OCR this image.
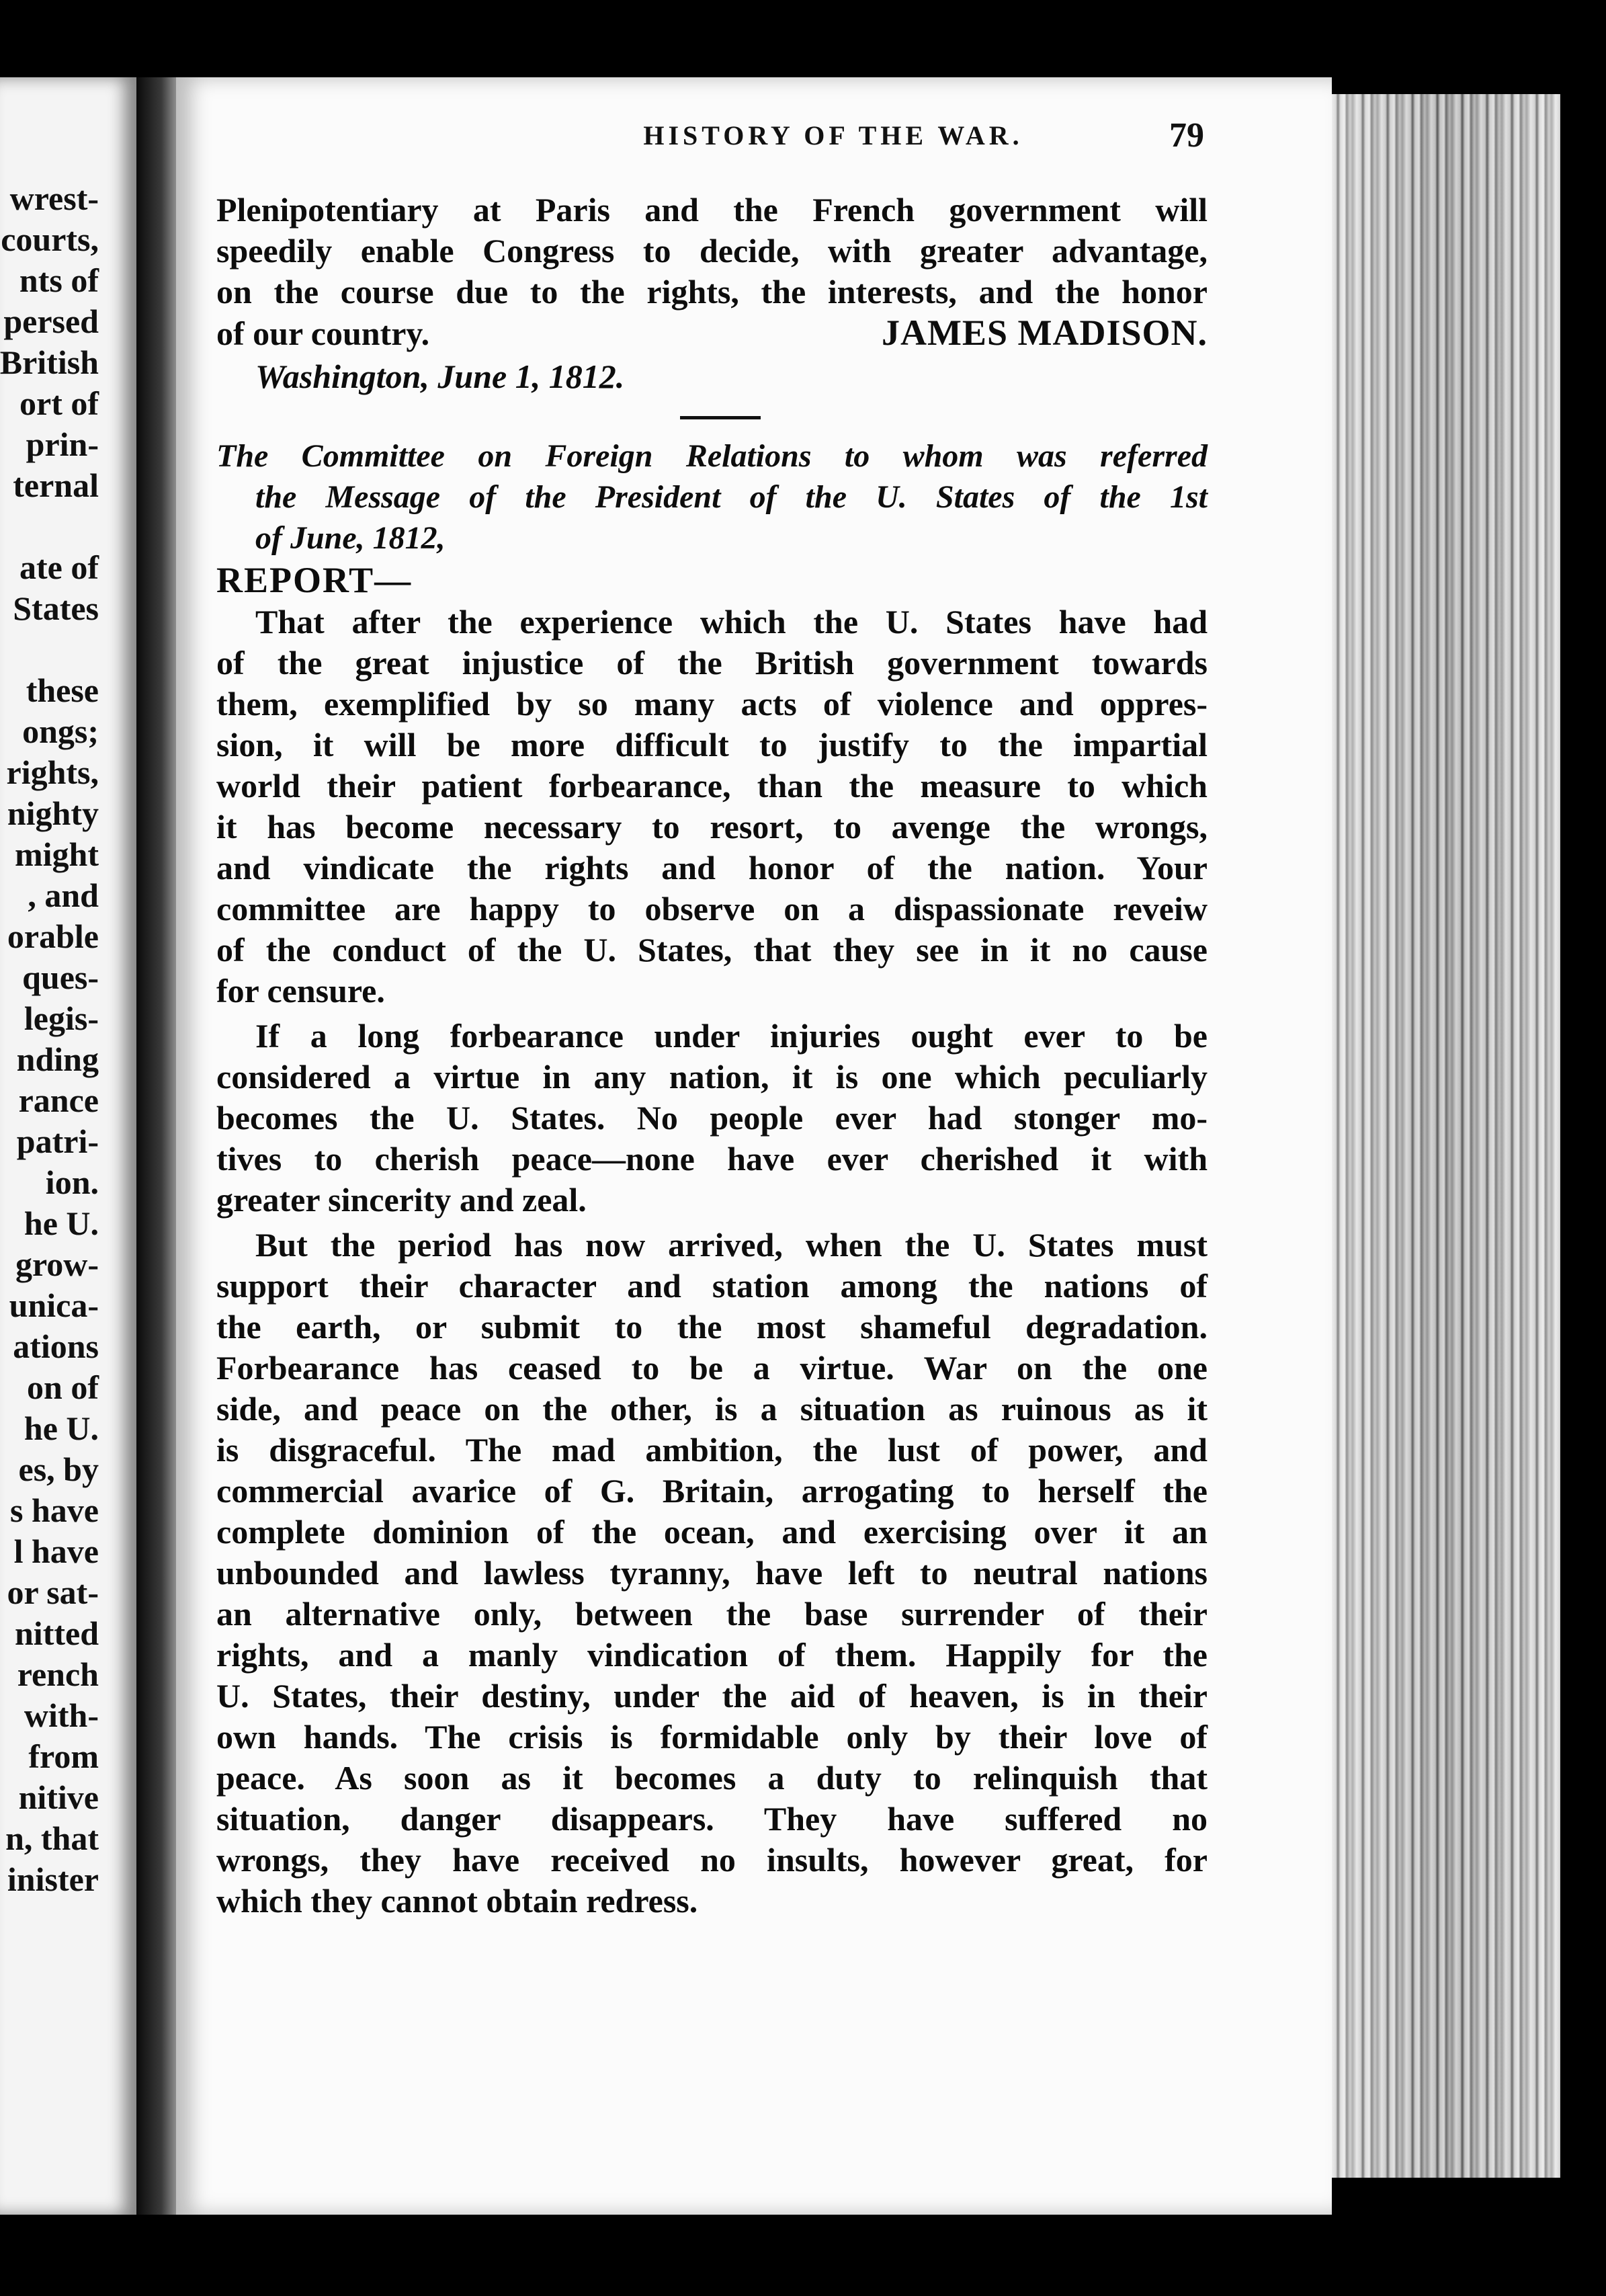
wrest-
courts,
nts of
persed
British
ort of
prin-
ternal
ate of
States
these
ongs;
rights,
nighty
might
, and
orable
ques-
legis-
nding
rance
patri-
ion.
he U.
grow-
unica-
ations
on of
he U.
es, by
s have
l have
or sat-
nitted
rench
with-
from
nitive
n, that
inister
HISTORY OF THE WAR.	79
Plenipotentiary at Paris and the French government will
speedily enable Congress to decide, with greater advantage,
on the course due to the rights, the interests, and the honor
of our country.	JAMES MADISON.
Washington, June 1, 1812.
The Committee on Foreign Relations to whom was referred
the Message of the President of the U. States of the 1st
of June, 1812,
REPORT—
That after the experience which the U. States have had
of the great injustice of the British government towards
them, exemplified by so many acts of violence and oppres-
sion, it will be more difficult to justify to the impartial
world their patient forbearance, than the measure to which
it has become necessary to resort, to avenge the wrongs,
and vindicate the rights and honor of the nation. Your
committee are happy to observe on a dispassionate reveiw
of the conduct of the U. States, that they see in it no cause
for censure.
If a long forbearance under injuries ought ever to be
considered a virtue in any nation, it is one which peculiarly
becomes the U. States. No people ever had stonger mo-
tives to cherish peace—none have ever cherished it with
greater sincerity and zeal.
But the period has now arrived, when the U. States must
support their character and station among the nations of
the earth, or submit to the most shameful degradation.
Forbearance has ceased to be a virtue. War on the one
side, and peace on the other, is a situation as ruinous as it
is disgraceful. The mad ambition, the lust of power, and
commercial avarice of G. Britain, arrogating to herself the
complete dominion of the ocean, and exercising over it an
unbounded and lawless tyranny, have left to neutral nations
an alternative only, between the base surrender of their
rights, and a manly vindication of them. Happily for the
U. States, their destiny, under the aid of heaven, is in their
own hands. The crisis is formidable only by their love of
peace. As soon as it becomes a duty to relinquish that
situation, danger disappears. They have suffered no
wrongs, they have received no insults, however great, for
which they cannot obtain redress.
